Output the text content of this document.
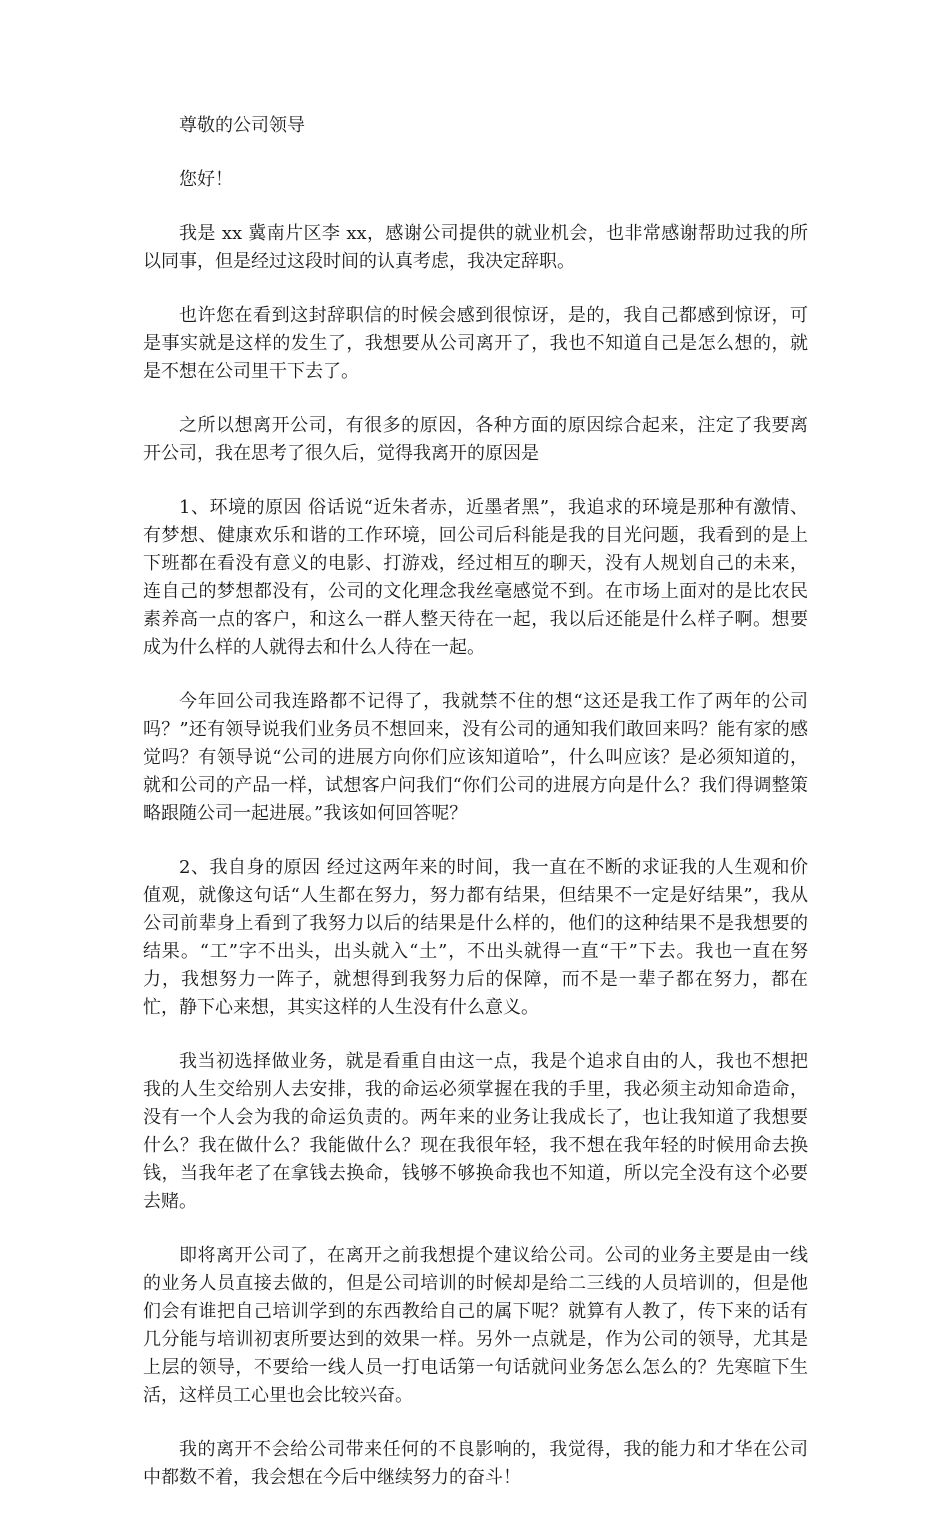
尊敬的公司领导

您好！

我是 xx 冀南片区李 xx，感谢公司提供的就业机会，也非常感谢帮助过我的所以同事，但是经过这段时间的认真考虑，我决定辞职。

也许您在看到这封辞职信的时候会感到很惊讶，是的，我自己都感到惊讶，可是事实就是这样的发生了，我想要从公司离开了，我也不知道自己是怎么想的，就是不想在公司里干下去了。

之所以想离开公司，有很多的原因，各种方面的原因综合起来，注定了我要离开公司，我在思考了很久后，觉得我离开的原因是

1、环境的原因 俗话说“近朱者赤，近墨者黑”，我追求的环境是那种有激情、有梦想、健康欢乐和谐的工作环境，回公司后科能是我的目光问题，我看到的是上下班都在看没有意义的电影、打游戏，经过相互的聊天，没有人规划自己的未来，连自己的梦想都没有，公司的文化理念我丝毫感觉不到。在市场上面对的是比农民素养高一点的客户，和这么一群人整天待在一起，我以后还能是什么样子啊。想要成为什么样的人就得去和什么人待在一起。

今年回公司我连路都不记得了，我就禁不住的想“这还是我工作了两年的公司吗？”还有领导说我们业务员不想回来，没有公司的通知我们敢回来吗？能有家的感觉吗？有领导说“公司的进展方向你们应该知道哈”，什么叫应该？是必须知道的，就和公司的产品一样，试想客户问我们“你们公司的进展方向是什么？我们得调整策略跟随公司一起进展。”我该如何回答呢？

2、我自身的原因 经过这两年来的时间，我一直在不断的求证我的人生观和价值观，就像这句话“人生都在努力，努力都有结果，但结果不一定是好结果”，我从公司前辈身上看到了我努力以后的结果是什么样的，他们的这种结果不是我想要的结果。“工”字不出头，出头就入“土”，不出头就得一直“干”下去。我也一直在努力，我想努力一阵子，就想得到我努力后的保障，而不是一辈子都在努力，都在忙，静下心来想，其实这样的人生没有什么意义。

我当初选择做业务，就是看重自由这一点，我是个追求自由的人，我也不想把我的人生交给别人去安排，我的命运必须掌握在我的手里，我必须主动知命造命，没有一个人会为我的命运负责的。两年来的业务让我成长了，也让我知道了我想要什么？我在做什么？我能做什么？现在我很年轻，我不想在我年轻的时候用命去换钱，当我年老了在拿钱去换命，钱够不够换命我也不知道，所以完全没有这个必要去赌。

即将离开公司了，在离开之前我想提个建议给公司。公司的业务主要是由一线的业务人员直接去做的，但是公司培训的时候却是给二三线的人员培训的，但是他们会有谁把自己培训学到的东西教给自己的属下呢？就算有人教了，传下来的话有几分能与培训初衷所要达到的效果一样。另外一点就是，作为公司的领导，尤其是上层的领导，不要给一线人员一打电话第一句话就问业务怎么怎么的？先寒暄下生活，这样员工心里也会比较兴奋。

我的离开不会给公司带来任何的不良影响的，我觉得，我的能力和才华在公司中都数不着，我会想在今后中继续努力的奋斗！
